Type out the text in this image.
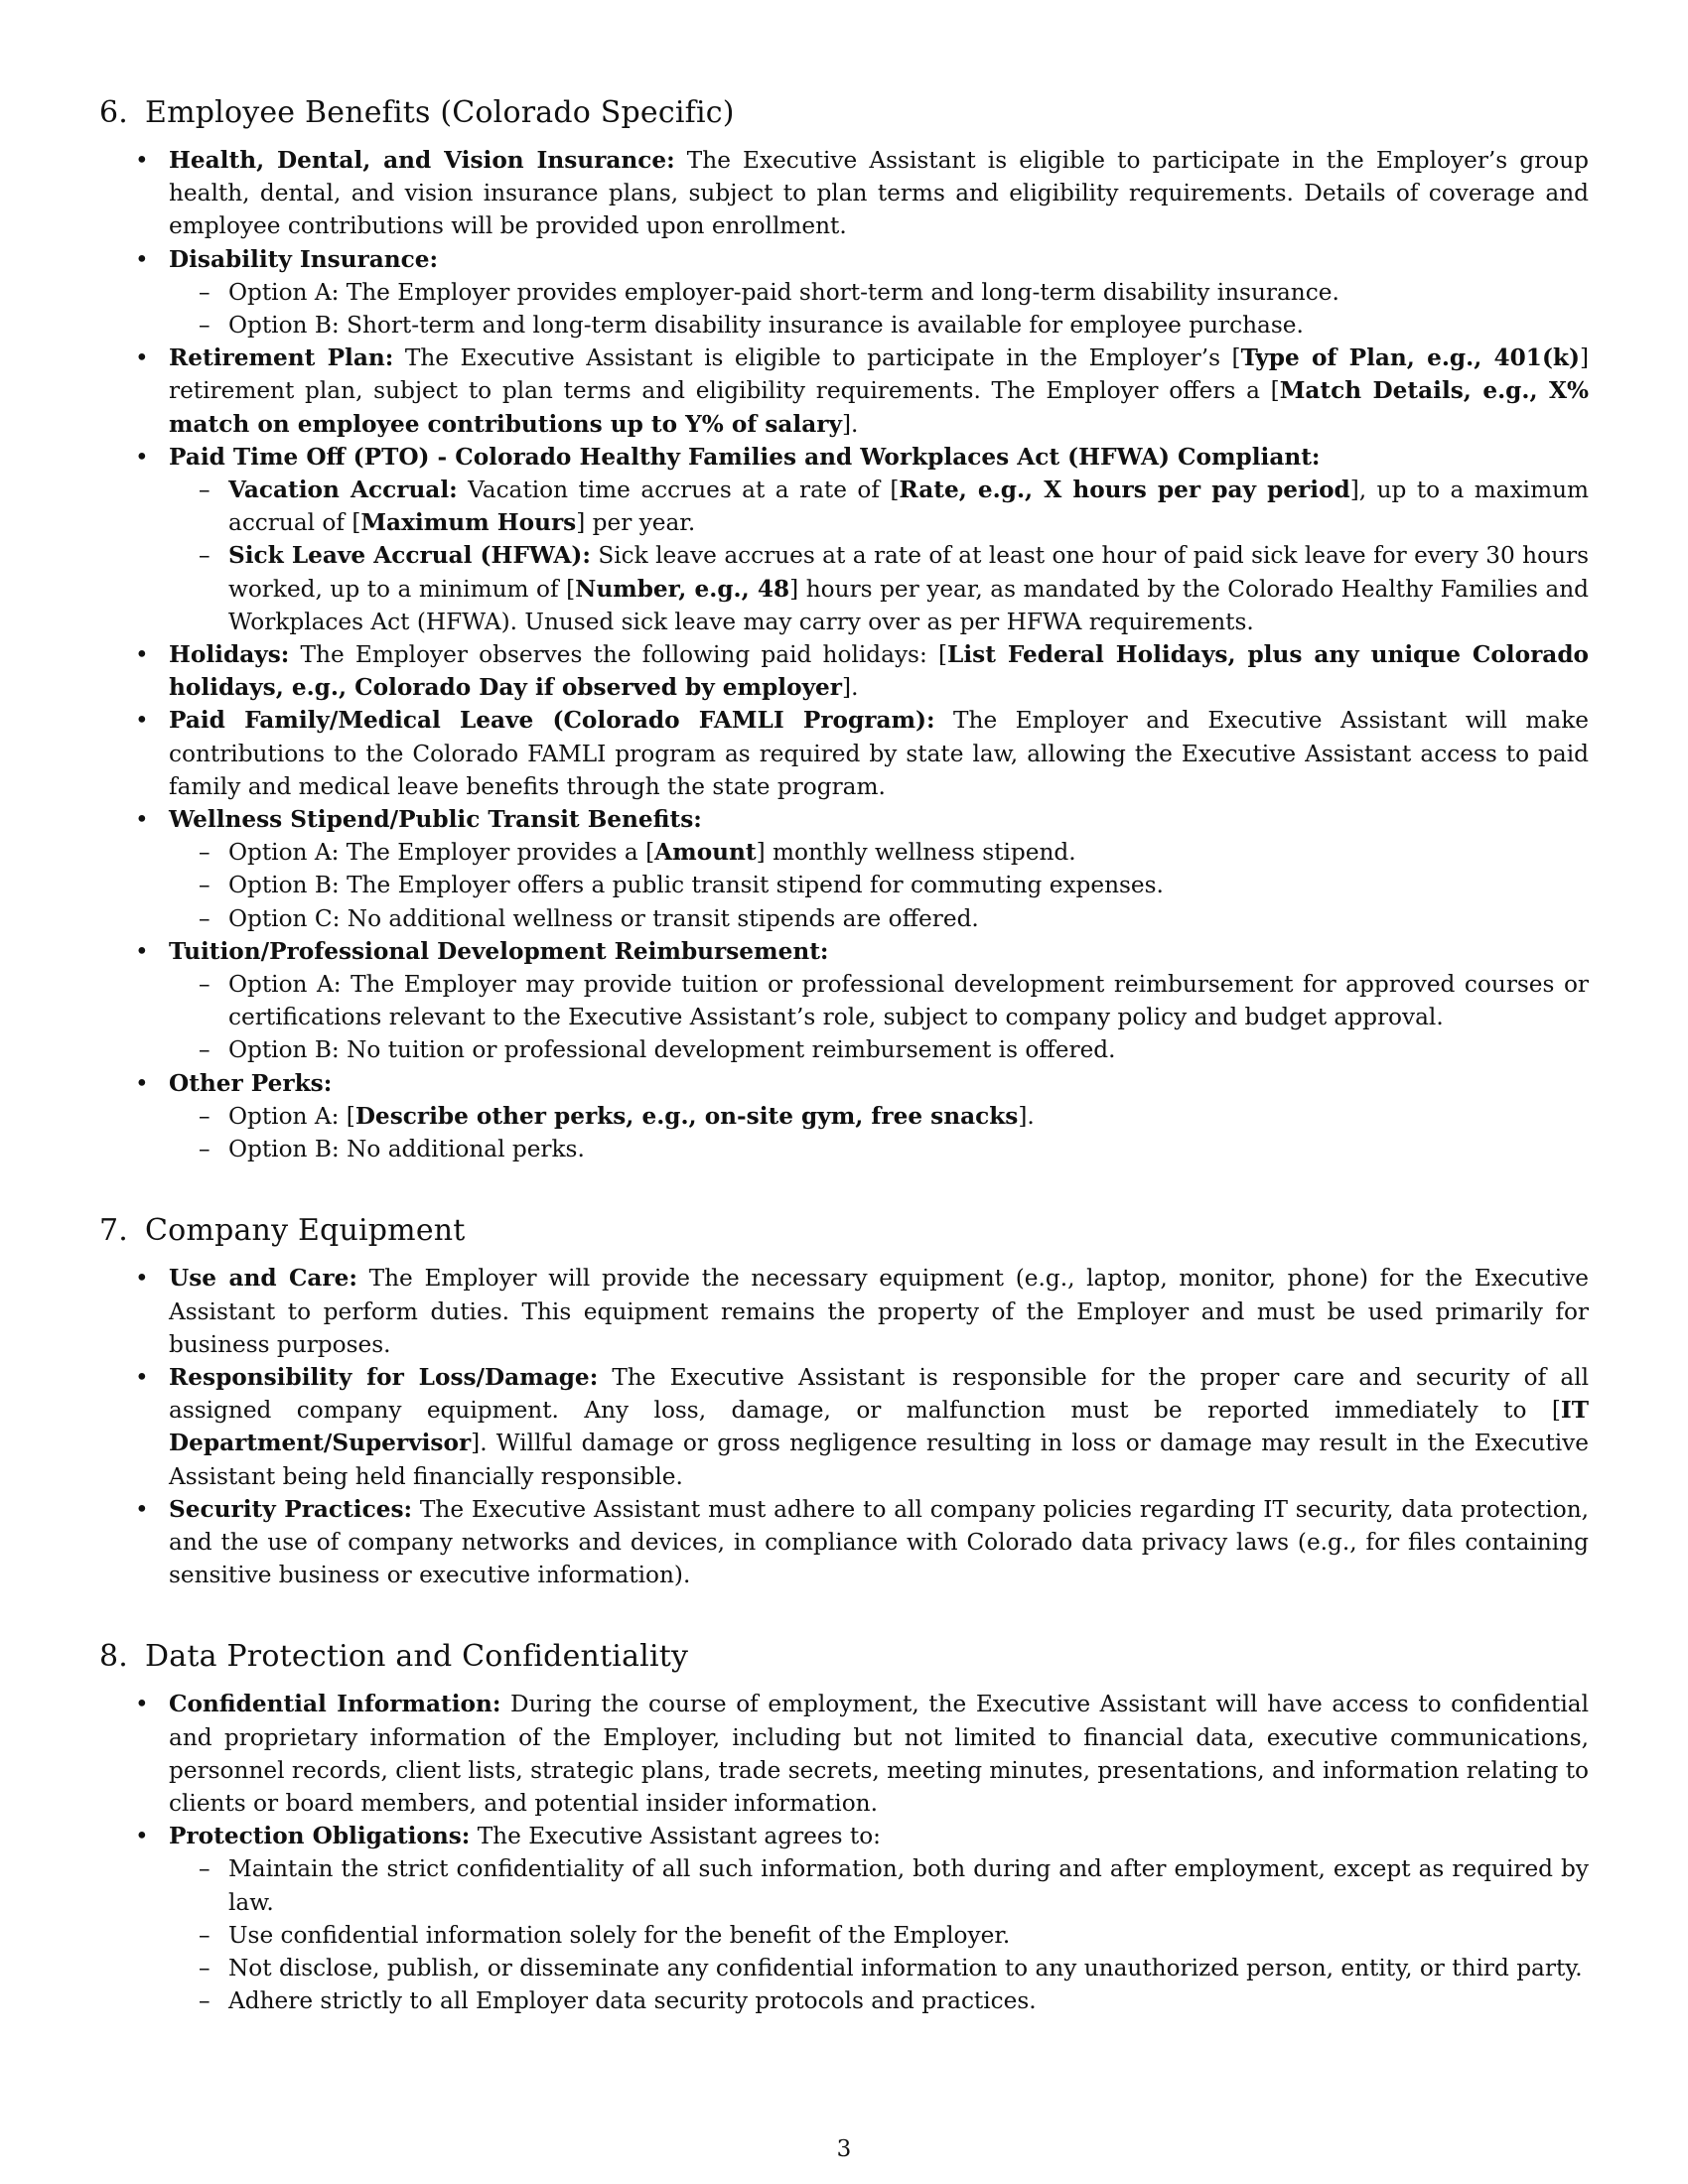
6. Employee Benefits (Colorado Specific)
• Health, Dental, and Vision Insurance: The Executive Assistant is eligible to participate in the Employer’s group health, dental, and vision insurance plans, subject to plan terms and eligibility requirements. Details of coverage and employee contributions will be provided upon enrollment.
• Disability Insurance:
– Option A: The Employer provides employer-paid short-term and long-term disability insurance.
– Option B: Short-term and long-term disability insurance is available for employee purchase.
• Retirement Plan: The Executive Assistant is eligible to participate in the Employer’s [Type of Plan, e.g., 401(k)] retirement plan, subject to plan terms and eligibility requirements. The Employer offers a [Match Details, e.g., X% match on employee contributions up to Y% of salary].
• Paid Time Off (PTO) - Colorado Healthy Families and Workplaces Act (HFWA) Compliant:
– Vacation Accrual: Vacation time accrues at a rate of [Rate, e.g., X hours per pay period], up to a maximum accrual of [Maximum Hours] per year.
– Sick Leave Accrual (HFWA): Sick leave accrues at a rate of at least one hour of paid sick leave for every 30 hours worked, up to a minimum of [Number, e.g., 48] hours per year, as mandated by the Colorado Healthy Families and Workplaces Act (HFWA). Unused sick leave may carry over as per HFWA requirements.
• Holidays: The Employer observes the following paid holidays: [List Federal Holidays, plus any unique Colorado holidays, e.g., Colorado Day if observed by employer].
• Paid Family/Medical Leave (Colorado FAMLI Program): The Employer and Executive Assistant will make contributions to the Colorado FAMLI program as required by state law, allowing the Executive Assistant access to paid family and medical leave benefits through the state program.
• Wellness Stipend/Public Transit Benefits:
– Option A: The Employer provides a [Amount] monthly wellness stipend.
– Option B: The Employer offers a public transit stipend for commuting expenses.
– Option C: No additional wellness or transit stipends are offered.
• Tuition/Professional Development Reimbursement:
– Option A: The Employer may provide tuition or professional development reimbursement for approved courses or certifications relevant to the Executive Assistant’s role, subject to company policy and budget approval.
– Option B: No tuition or professional development reimbursement is offered.
• Other Perks:
– Option A: [Describe other perks, e.g., on-site gym, free snacks].
– Option B: No additional perks.
7. Company Equipment
• Use and Care: The Employer will provide the necessary equipment (e.g., laptop, monitor, phone) for the Executive Assistant to perform duties. This equipment remains the property of the Employer and must be used primarily for business purposes.
• Responsibility for Loss/Damage: The Executive Assistant is responsible for the proper care and security of all assigned company equipment. Any loss, damage, or malfunction must be reported immediately to [IT Department/Supervisor]. Willful damage or gross negligence resulting in loss or damage may result in the Executive Assistant being held financially responsible.
• Security Practices: The Executive Assistant must adhere to all company policies regarding IT security, data protection, and the use of company networks and devices, in compliance with Colorado data privacy laws (e.g., for files containing sensitive business or executive information).
8. Data Protection and Confidentiality
• Confidential Information: During the course of employment, the Executive Assistant will have access to confidential and proprietary information of the Employer, including but not limited to financial data, executive communications, personnel records, client lists, strategic plans, trade secrets, meeting minutes, presentations, and information relating to clients or board members, and potential insider information.
• Protection Obligations: The Executive Assistant agrees to:
– Maintain the strict confidentiality of all such information, both during and after employment, except as required by law.
– Use confidential information solely for the benefit of the Employer.
– Not disclose, publish, or disseminate any confidential information to any unauthorized person, entity, or third party.
– Adhere strictly to all Employer data security protocols and practices.
3
